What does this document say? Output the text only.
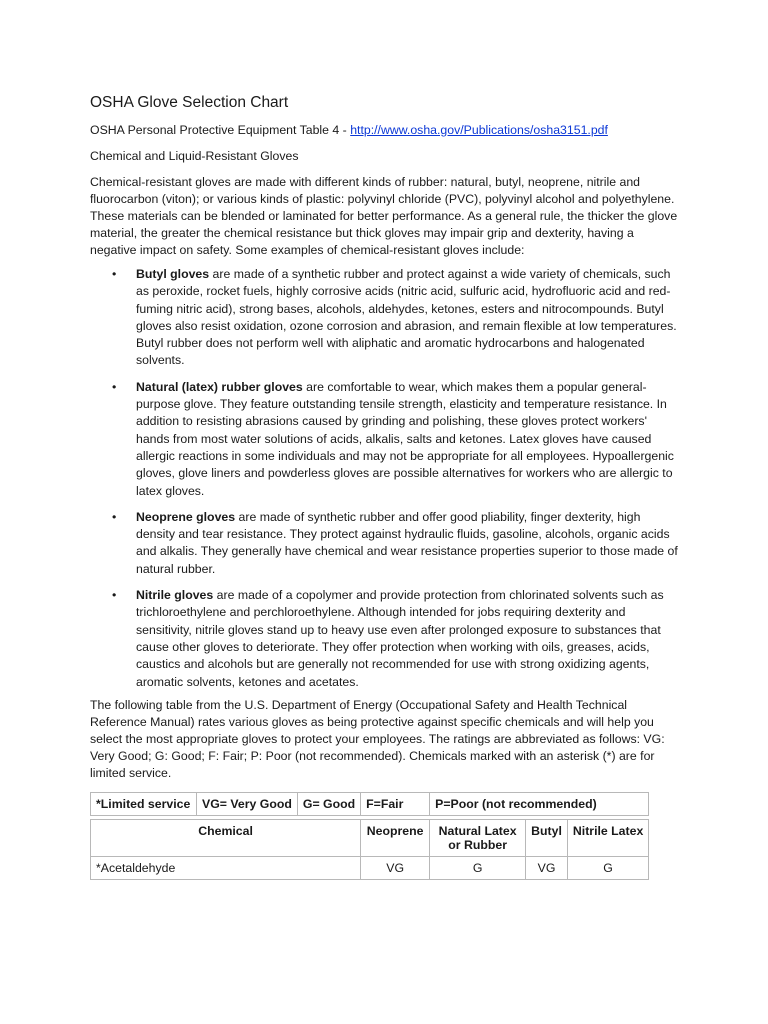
OSHA Glove Selection Chart

OSHA Personal Protective Equipment Table 4 - http://www.osha.gov/Publications/osha3151.pdf

Chemical and Liquid-Resistant Gloves

Chemical-resistant gloves are made with different kinds of rubber: natural, butyl, neoprene, nitrile and fluorocarbon (viton); or various kinds of plastic: polyvinyl chloride (PVC), polyvinyl alcohol and polyethylene. These materials can be blended or laminated for better performance. As a general rule, the thicker the glove material, the greater the chemical resistance but thick gloves may impair grip and dexterity, having a negative impact on safety. Some examples of chemical-resistant gloves include:

• Butyl gloves are made of a synthetic rubber and protect against a wide variety of chemicals, such as peroxide, rocket fuels, highly corrosive acids (nitric acid, sulfuric acid, hydrofluoric acid and red-fuming nitric acid), strong bases, alcohols, aldehydes, ketones, esters and nitrocompounds. Butyl gloves also resist oxidation, ozone corrosion and abrasion, and remain flexible at low temperatures. Butyl rubber does not perform well with aliphatic and aromatic hydrocarbons and halogenated solvents.
• Natural (latex) rubber gloves are comfortable to wear, which makes them a popular general-purpose glove. They feature outstanding tensile strength, elasticity and temperature resistance. In addition to resisting abrasions caused by grinding and polishing, these gloves protect workers' hands from most water solutions of acids, alkalis, salts and ketones. Latex gloves have caused allergic reactions in some individuals and may not be appropriate for all employees. Hypoallergenic gloves, glove liners and powderless gloves are possible alternatives for workers who are allergic to latex gloves.
• Neoprene gloves are made of synthetic rubber and offer good pliability, finger dexterity, high density and tear resistance. They protect against hydraulic fluids, gasoline, alcohols, organic acids and alkalis. They generally have chemical and wear resistance properties superior to those made of natural rubber.
• Nitrile gloves are made of a copolymer and provide protection from chlorinated solvents such as trichloroethylene and perchloroethylene. Although intended for jobs requiring dexterity and sensitivity, nitrile gloves stand up to heavy use even after prolonged exposure to substances that cause other gloves to deteriorate. They offer protection when working with oils, greases, acids, caustics and alcohols but are generally not recommended for use with strong oxidizing agents, aromatic solvents, ketones and acetates.

The following table from the U.S. Department of Energy (Occupational Safety and Health Technical Reference Manual) rates various gloves as being protective against specific chemicals and will help you select the most appropriate gloves to protect your employees. The ratings are abbreviated as follows: VG: Very Good; G: Good; F: Fair; P: Poor (not recommended). Chemicals marked with an asterisk (*) are for limited service.

*Limited service	VG= Very Good	G= Good	F=Fair	P=Poor (not recommended)		

Chemical			Neoprene	Natural Latex or Rubber	Butyl	Nitrile Latex
*Acetaldehyde			VG	G	VG	G
